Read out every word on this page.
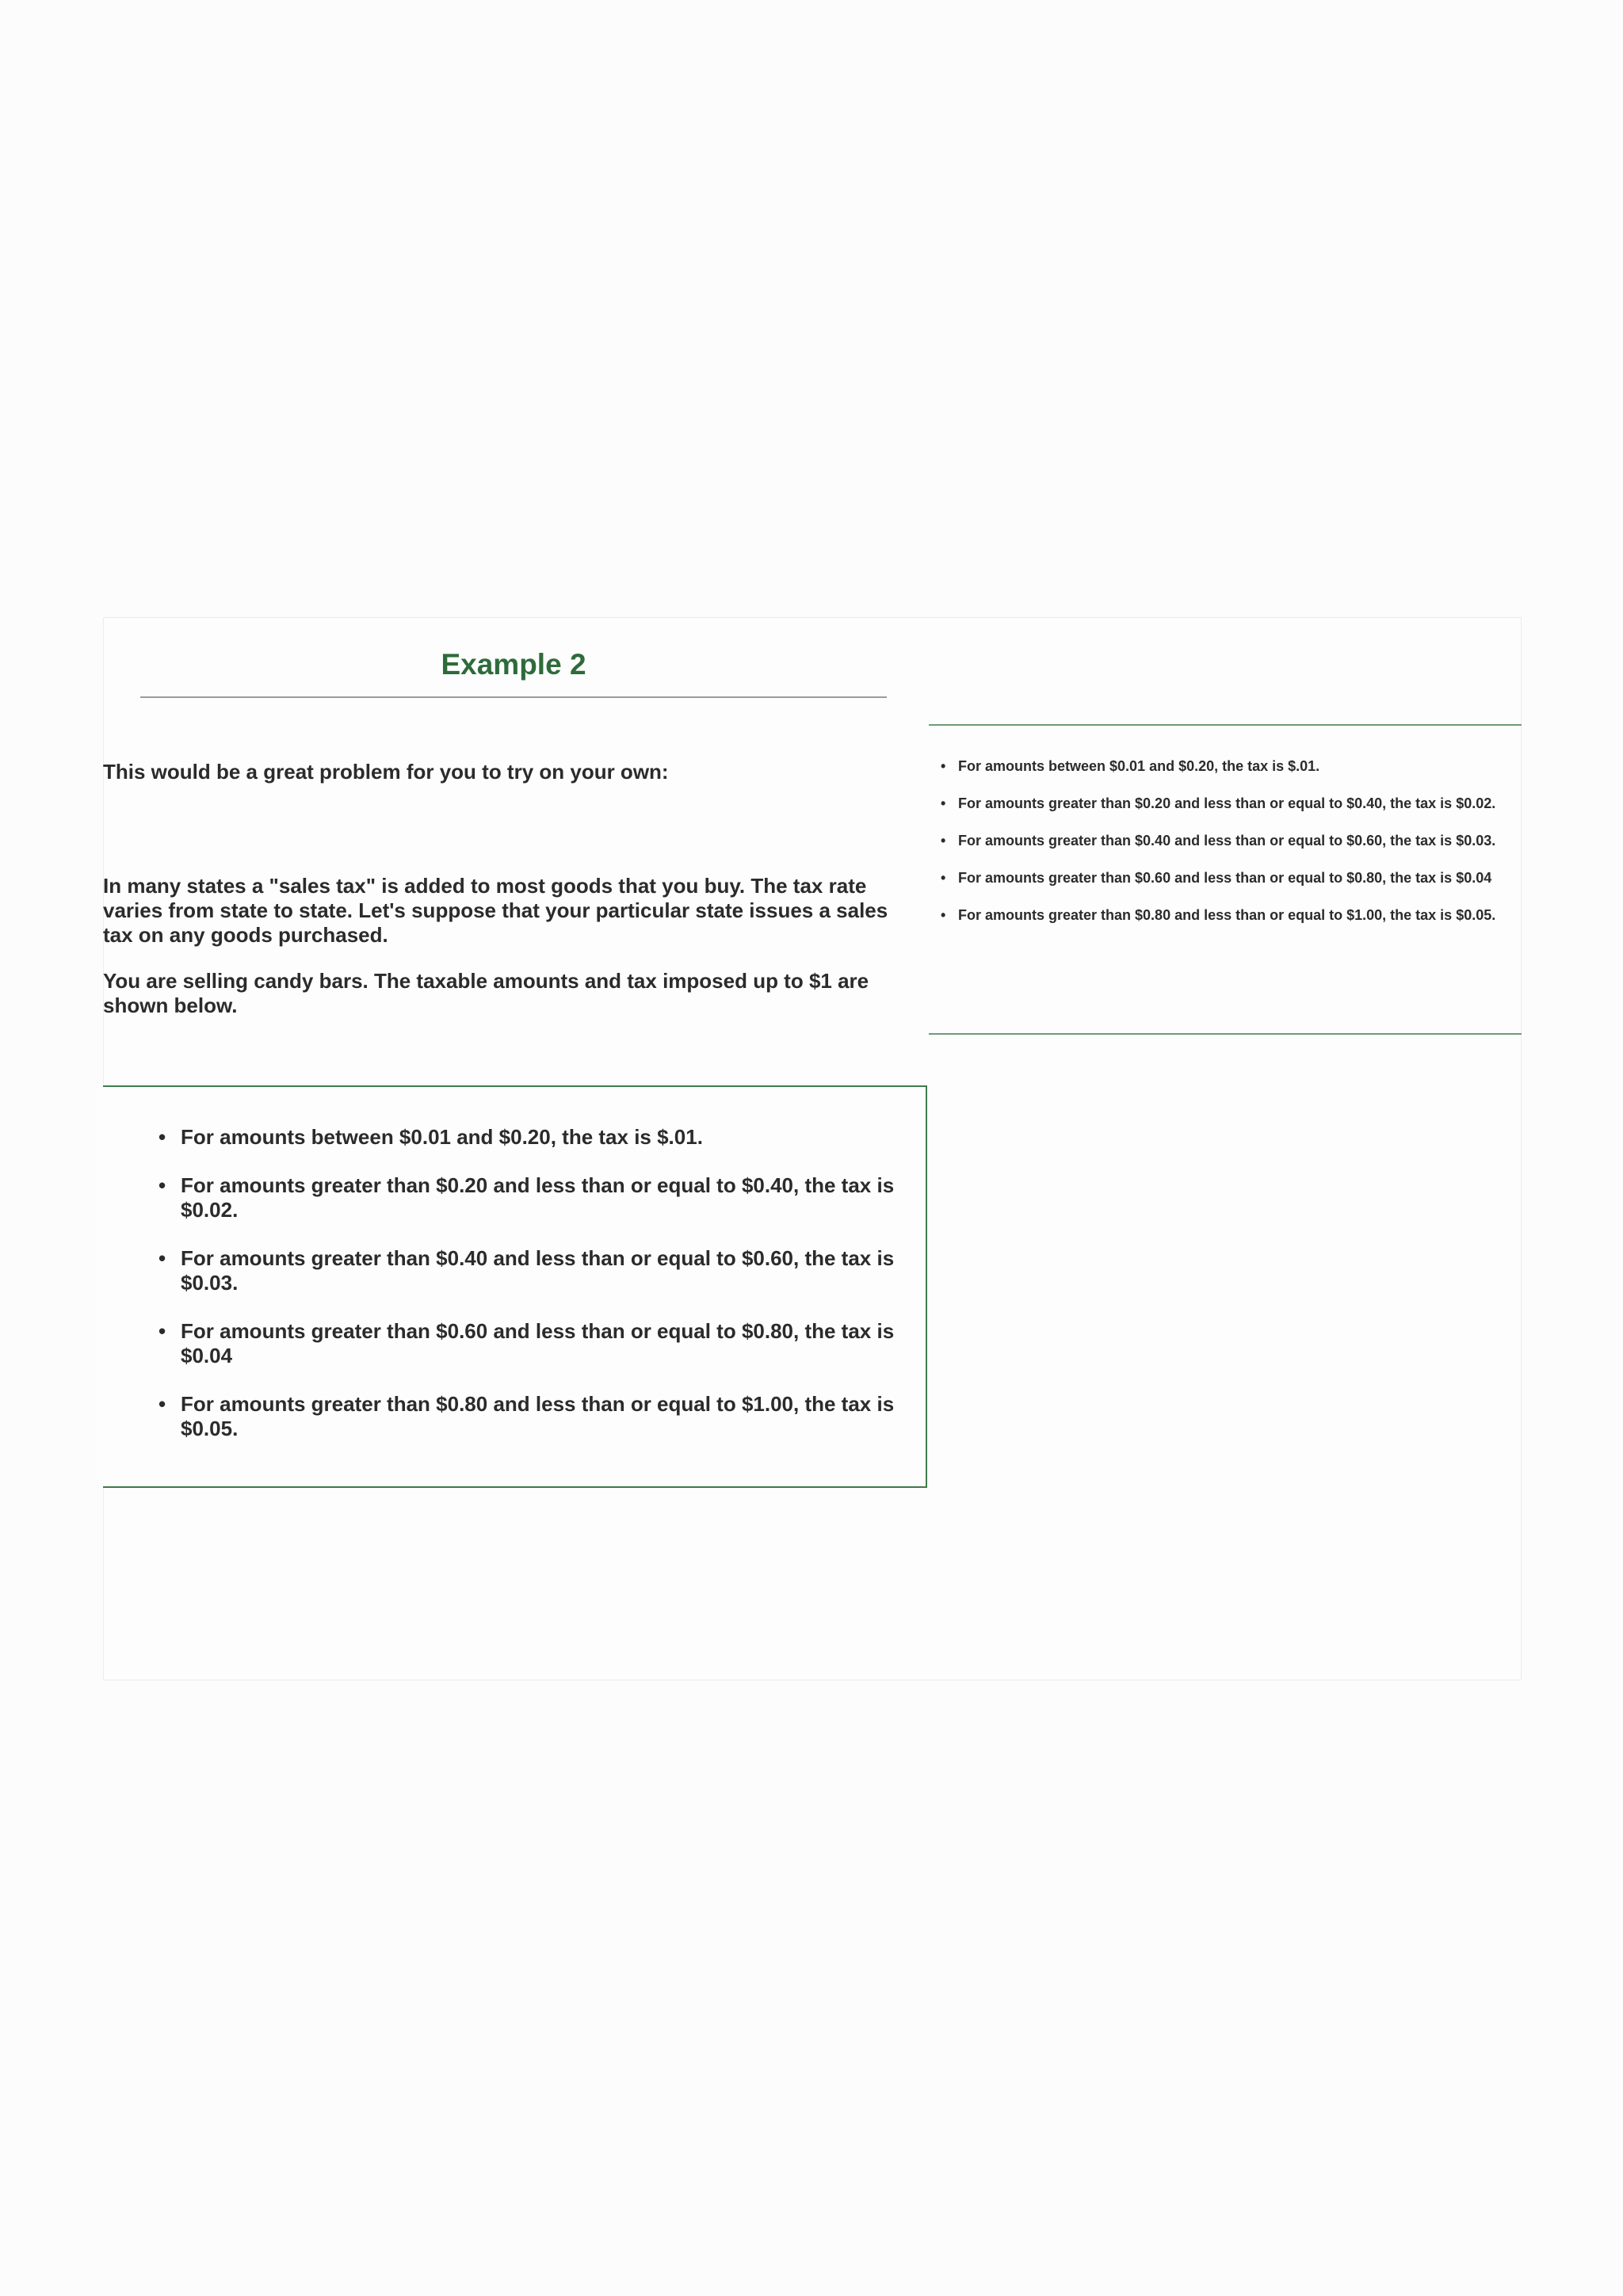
Example 2

This would be a great problem for you to try on your own:

In many states a "sales tax" is added to most goods that you buy. The tax rate varies from state to state. Let's suppose that your particular state issues a sales tax on any goods purchased.

You are selling candy bars. The taxable amounts and tax imposed up to $1 are shown below.

• For amounts between $0.01 and $0.20, the tax is $.01.
• For amounts greater than $0.20 and less than or equal to $0.40, the tax is $0.02.
• For amounts greater than $0.40 and less than or equal to $0.60, the tax is $0.03.
• For amounts greater than $0.60 and less than or equal to $0.80, the tax is $0.04
• For amounts greater than $0.80 and less than or equal to $1.00, the tax is $0.05.
• For amounts between $0.01 and $0.20, the tax is $.01.
• For amounts greater than $0.20 and less than or equal to $0.40, the tax is $0.02.
• For amounts greater than $0.40 and less than or equal to $0.60, the tax is $0.03.
• For amounts greater than $0.60 and less than or equal to $0.80, the tax is $0.04
• For amounts greater than $0.80 and less than or equal to $1.00, the tax is $0.05.
